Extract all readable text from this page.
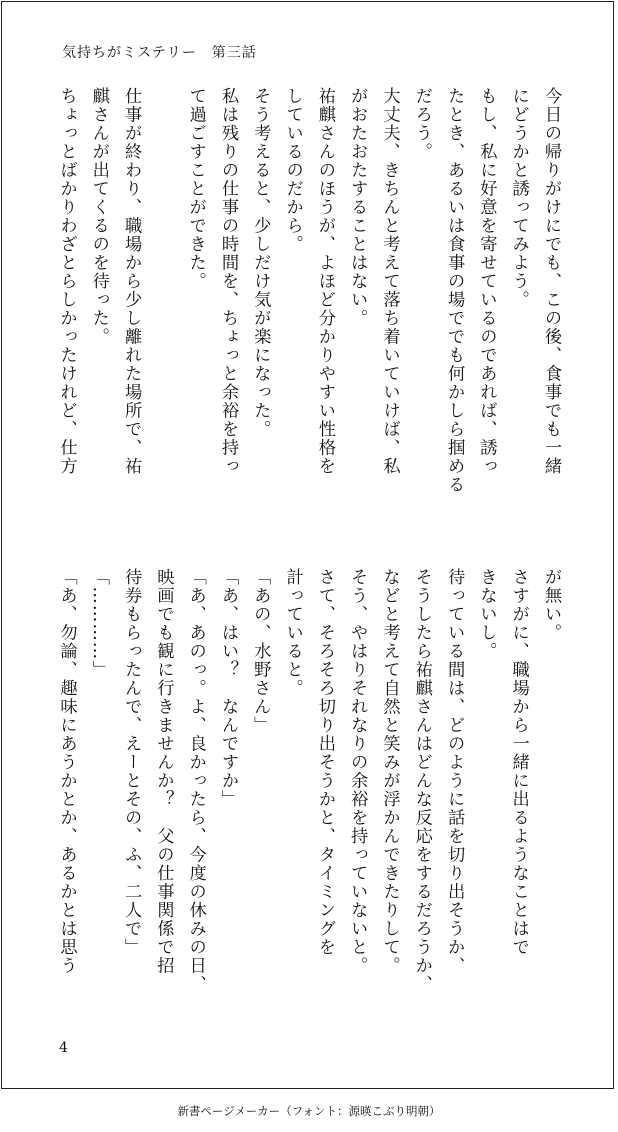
気持ちがミステリー　第三話
今日の帰りがけにでも、この後、食事でも一緒
にどうかと誘ってみよう。
もし、私に好意を寄せているのであれば、誘っ
たとき、あるいは食事の場ででも何かしら掴める
だろう。
大丈夫、きちんと考えて落ち着いていけば、私
がおたおたすることはない。
祐麒さんのほうが、よほど分かりやすい性格を
しているのだから。
そう考えると、少しだけ気が楽になった。
私は残りの仕事の時間を、ちょっと余裕を持っ
て過ごすことができた。
仕事が終わり、職場から少し離れた場所で、祐
麒さんが出てくるのを待った。
ちょっとばかりわざとらしかったけれど、仕方
が無い。
さすがに、職場から一緒に出るようなことはで
きないし。
待っている間は、どのように話を切り出そうか、
そうしたら祐麒さんはどんな反応をするだろうか、
などと考えて自然と笑みが浮かんできたりして。
そう、やはりそれなりの余裕を持っていないと。
さて、そろそろ切り出そうかと、タイミングを
計っていると。
「あの、水野さん」
「あ、はい？　なんですか」
「あ、あのっ。よ、良かったら、今度の休みの日、
映画でも観に行きませんか？　父の仕事関係で招
待券もらったんで、えーとその、ふ、二人で」
「…………」
「あ、勿論、趣味にあうかとか、あるかとは思う
4
新書ページメーカー（フォント：源暎こぶり明朝）
